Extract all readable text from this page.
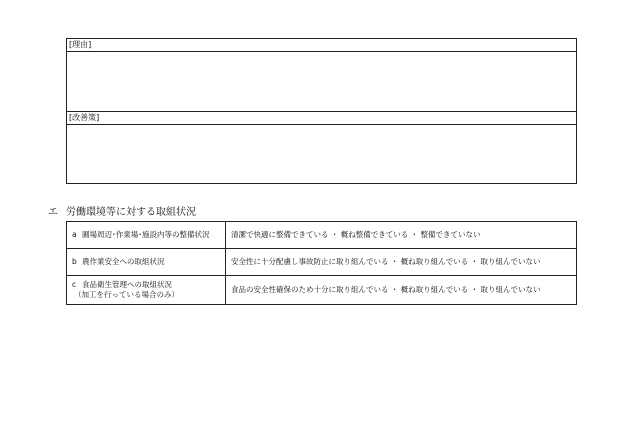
[理由]
[改善策]
エ 労働環境等に対する取組状況
a 圃場周辺･作業場･施設内等の整備状況	清潔で快適に整備できている ・ 概ね整備できている ・ 整備できていない
b 農作業安全への取組状況	安全性に十分配慮し事故防止に取り組んでいる ・ 概ね取り組んでいる ・ 取り組んでいない
c 食品衛生管理への取組状況
（加工を行っている場合のみ）	食品の安全性確保のため十分に取り組んでいる ・ 概ね取り組んでいる ・ 取り組んでいない
